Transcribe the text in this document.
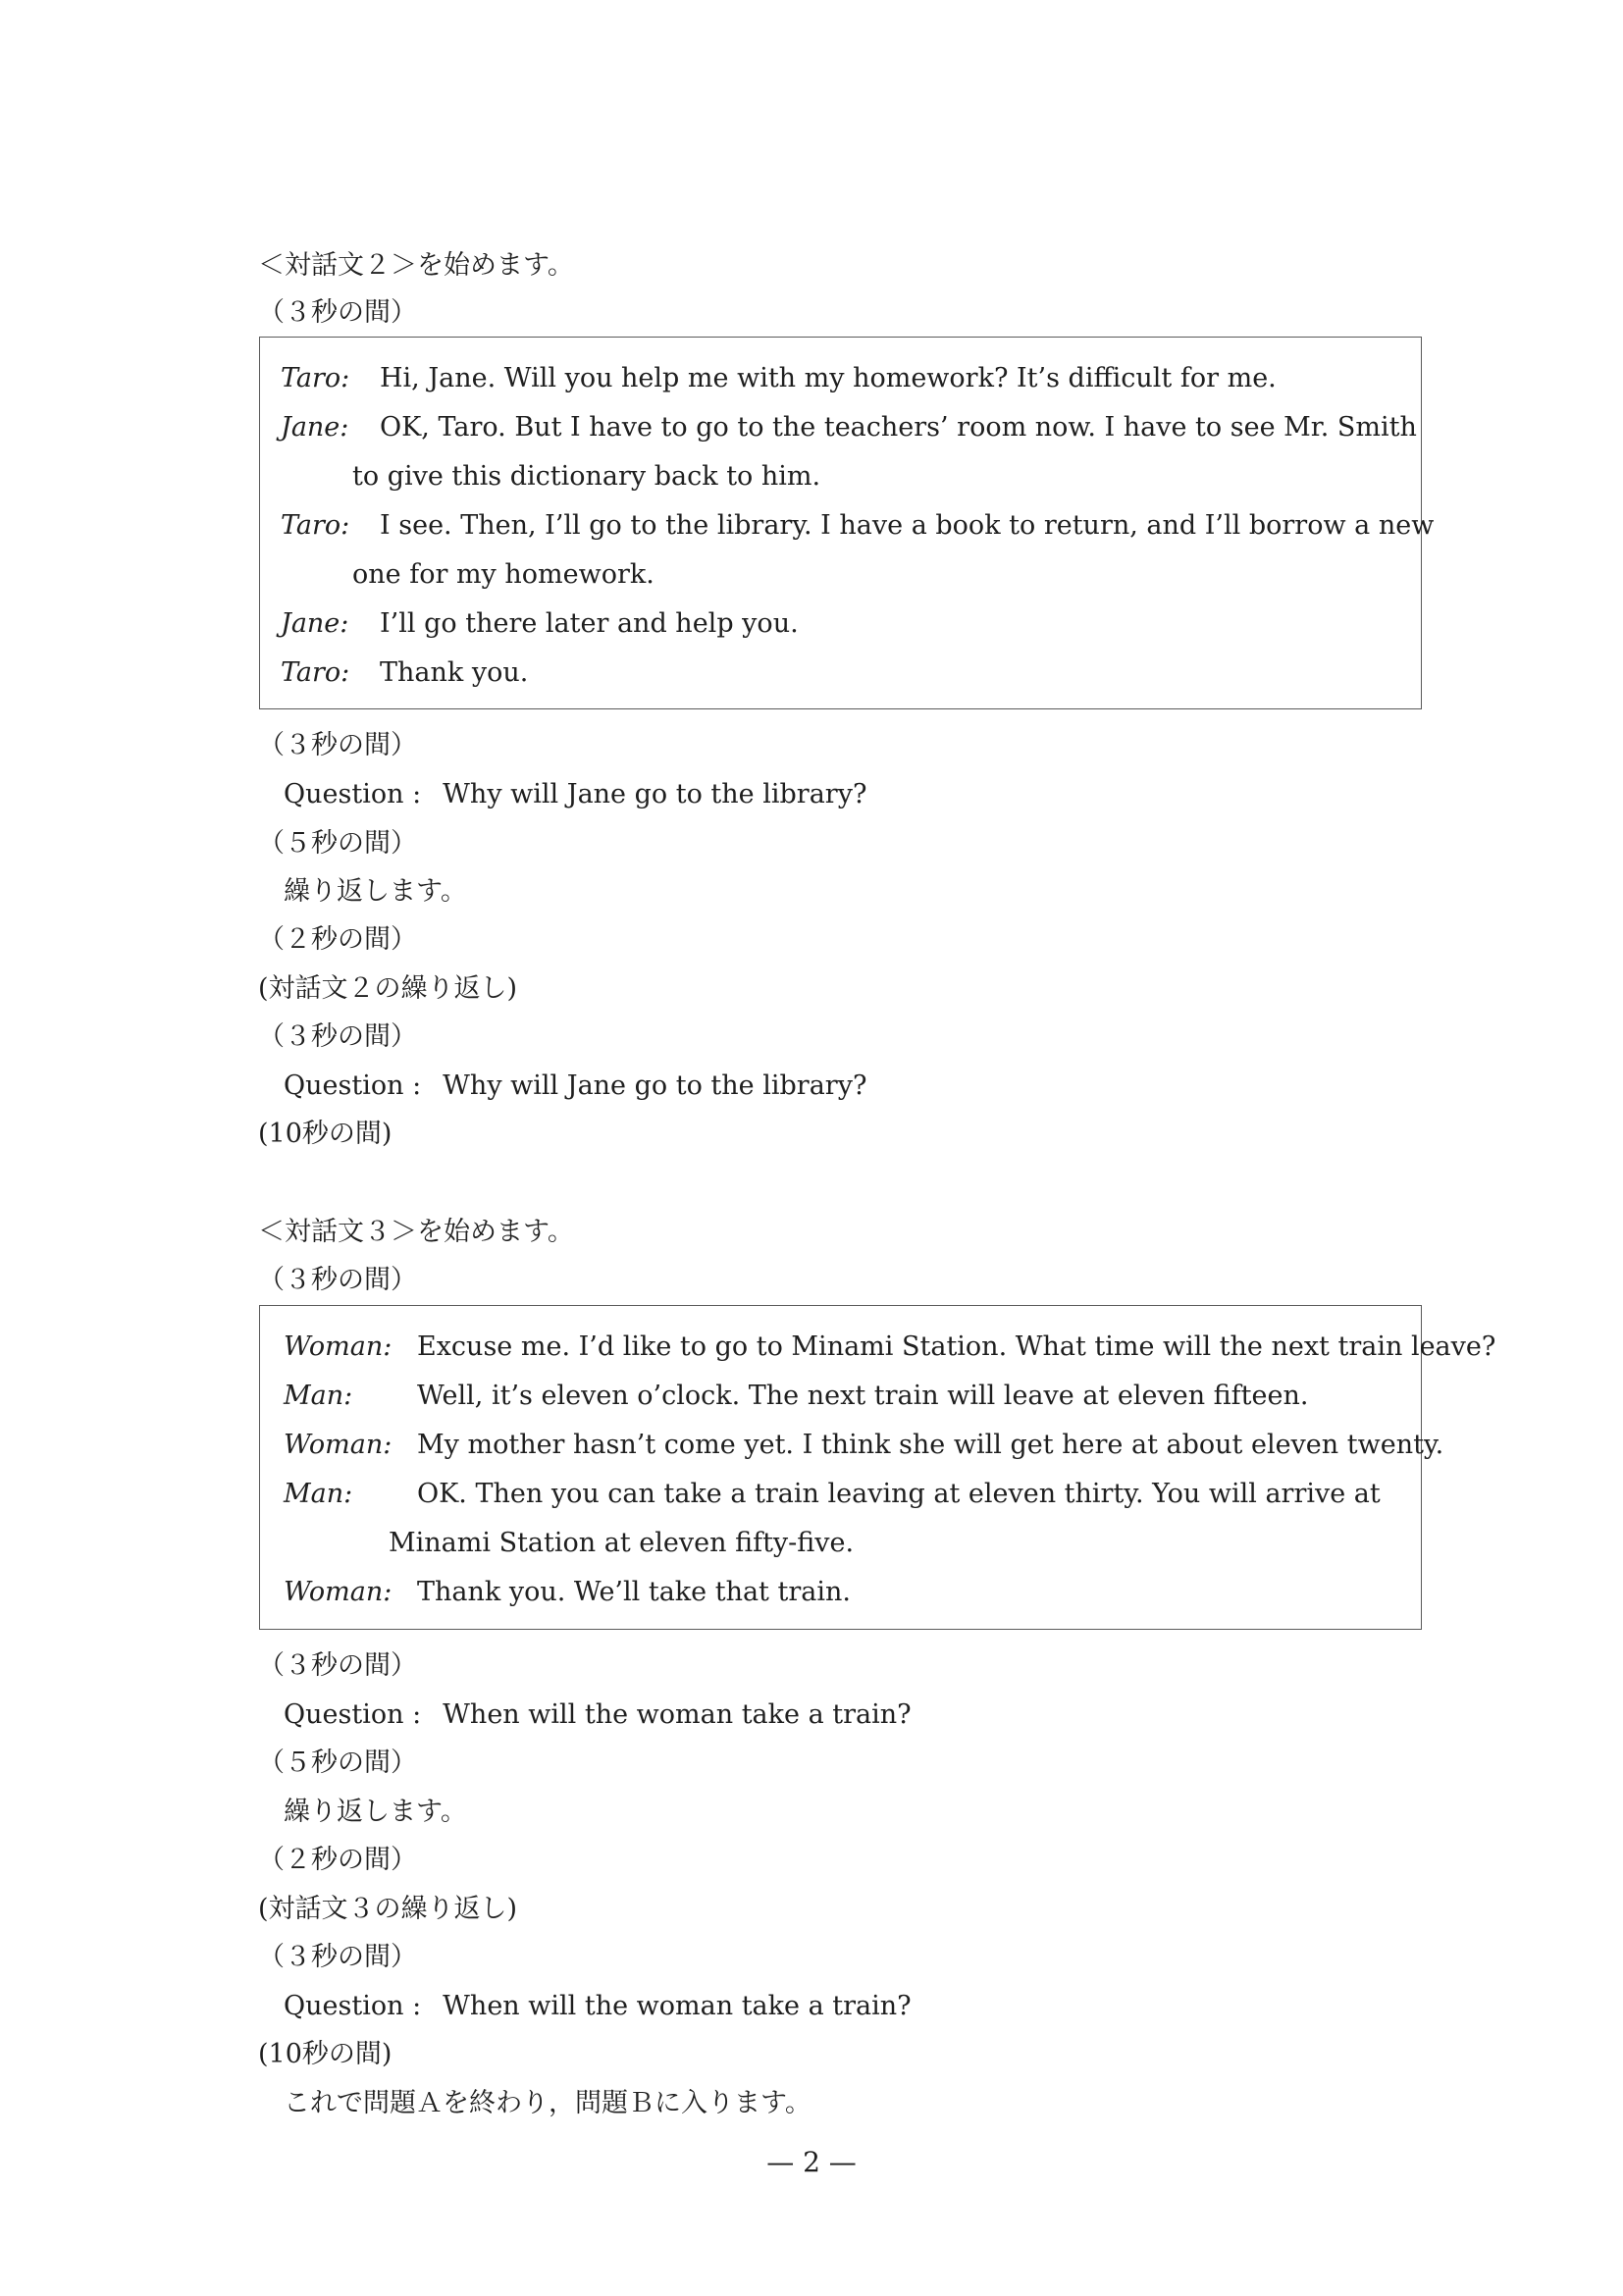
＜対話文２＞を始めます。
（３秒の間）
Taro: Hi, Jane. Will you help me with my homework? It’s difficult for me.
Jane: OK, Taro. But I have to go to the teachers’ room now. I have to see Mr. Smith
to give this dictionary back to him.
Taro: I see. Then, I’ll go to the library. I have a book to return, and I’ll borrow a new
one for my homework.
Jane: I’ll go there later and help you.
Taro: Thank you.
（３秒の間）
Question : Why will Jane go to the library?
（５秒の間）
繰り返します。
（２秒の間）
(対話文２の繰り返し)
（３秒の間）
Question : Why will Jane go to the library?
(10秒の間)
＜対話文３＞を始めます。
（３秒の間）
Woman: Excuse me. I’d like to go to Minami Station. What time will the next train leave?
Man: Well, it’s eleven o’clock. The next train will leave at eleven fifteen.
Woman: My mother hasn’t come yet. I think she will get here at about eleven twenty.
Man: OK. Then you can take a train leaving at eleven thirty. You will arrive at
Minami Station at eleven fifty-five.
Woman: Thank you. We’ll take that train.
（３秒の間）
Question : When will the woman take a train?
（５秒の間）
繰り返します。
（２秒の間）
(対話文３の繰り返し)
（３秒の間）
Question : When will the woman take a train?
(10秒の間)
これで問題Ａを終わり，問題Ｂに入ります。
— 2 —
